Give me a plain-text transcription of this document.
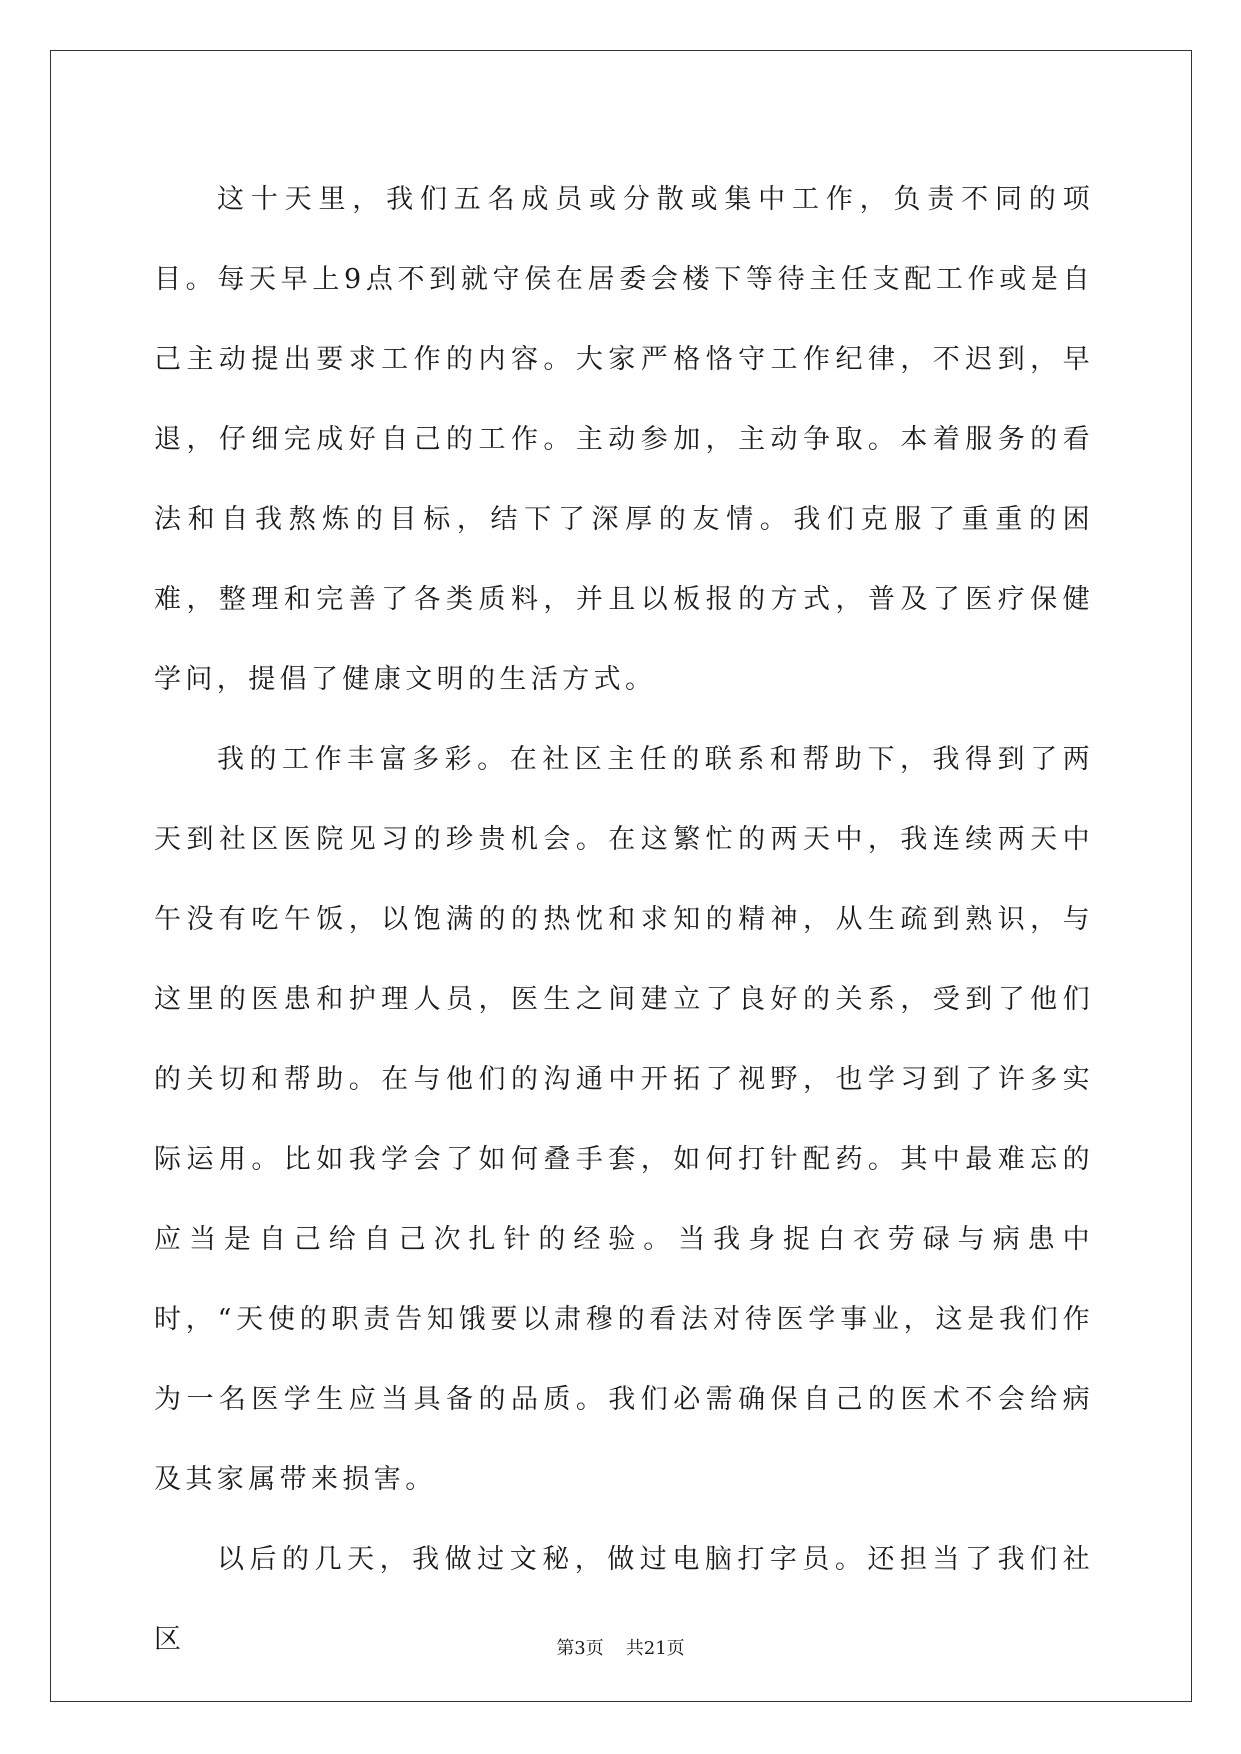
这十天里，我们五名成员或分散或集中工作，负责不同的项目。每天早上9点不到就守侯在居委会楼下等待主任支配工作或是自己主动提出要求工作的内容。大家严格恪守工作纪律，不迟到，早退，仔细完成好自己的工作。主动参加，主动争取。本着服务的看法和自我熬炼的目标，结下了深厚的友情。我们克服了重重的困难，整理和完善了各类质料，并且以板报的方式，普及了医疗保健学问，提倡了健康文明的生活方式。

我的工作丰富多彩。在社区主任的联系和帮助下，我得到了两天到社区医院见习的珍贵机会。在这繁忙的两天中，我连续两天中午没有吃午饭，以饱满的的热忱和求知的精神，从生疏到熟识，与这里的医患和护理人员，医生之间建立了良好的关系，受到了他们的关切和帮助。在与他们的沟通中开拓了视野，也学习到了许多实际运用。比如我学会了如何叠手套，如何打针配药。其中最难忘的应当是自己给自己次扎针的经验。当我身捉白衣劳碌与病患中时，“天使的职责告知饿要以肃穆的看法对待医学事业，这是我们作为一名医学生应当具备的品质。我们必需确保自己的医术不会给病及其家属带来损害。

以后的几天，我做过文秘，做过电脑打字员。还担当了我们社区	第3页 共21页
